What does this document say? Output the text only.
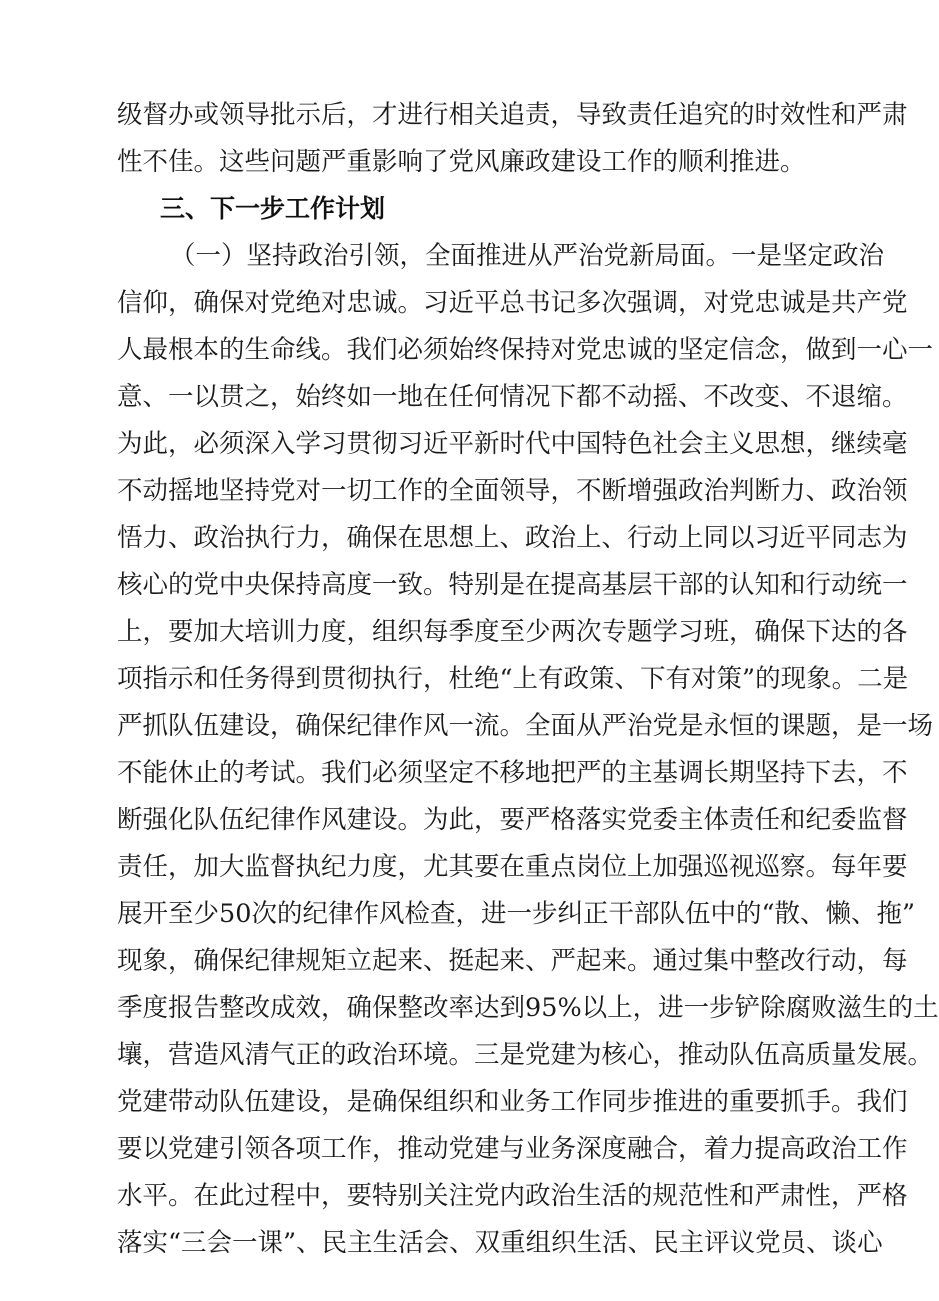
级督办或领导批示后，才进行相关追责，导致责任追究的时效性和严肃
性不佳。这些问题严重影响了党风廉政建设工作的顺利推进。
三、下一步工作计划
（一）坚持政治引领，全面推进从严治党新局面。一是坚定政治
信仰，确保对党绝对忠诚。习近平总书记多次强调，对党忠诚是共产党
人最根本的生命线。我们必须始终保持对党忠诚的坚定信念，做到一心一
意、一以贯之，始终如一地在任何情况下都不动摇、不改变、不退缩。
为此，必须深入学习贯彻习近平新时代中国特色社会主义思想，继续毫
不动摇地坚持党对一切工作的全面领导，不断增强政治判断力、政治领
悟力、政治执行力，确保在思想上、政治上、行动上同以习近平同志为
核心的党中央保持高度一致。特别是在提高基层干部的认知和行动统一
上，要加大培训力度，组织每季度至少两次专题学习班，确保下达的各
项指示和任务得到贯彻执行，杜绝“上有政策、下有对策”的现象。二是
严抓队伍建设，确保纪律作风一流。全面从严治党是永恒的课题，是一场
不能休止的考试。我们必须坚定不移地把严的主基调长期坚持下去，不
断强化队伍纪律作风建设。为此，要严格落实党委主体责任和纪委监督
责任，加大监督执纪力度，尤其要在重点岗位上加强巡视巡察。每年要
展开至少50次的纪律作风检查，进一步纠正干部队伍中的“散、懒、拖”
现象，确保纪律规矩立起来、挺起来、严起来。通过集中整改行动，每
季度报告整改成效，确保整改率达到95%以上，进一步铲除腐败滋生的土
壤，营造风清气正的政治环境。三是党建为核心，推动队伍高质量发展。
党建带动队伍建设，是确保组织和业务工作同步推进的重要抓手。我们
要以党建引领各项工作，推动党建与业务深度融合，着力提高政治工作
水平。在此过程中，要特别关注党内政治生活的规范性和严肃性，严格
落实“三会一课”、民主生活会、双重组织生活、民主评议党员、谈心
